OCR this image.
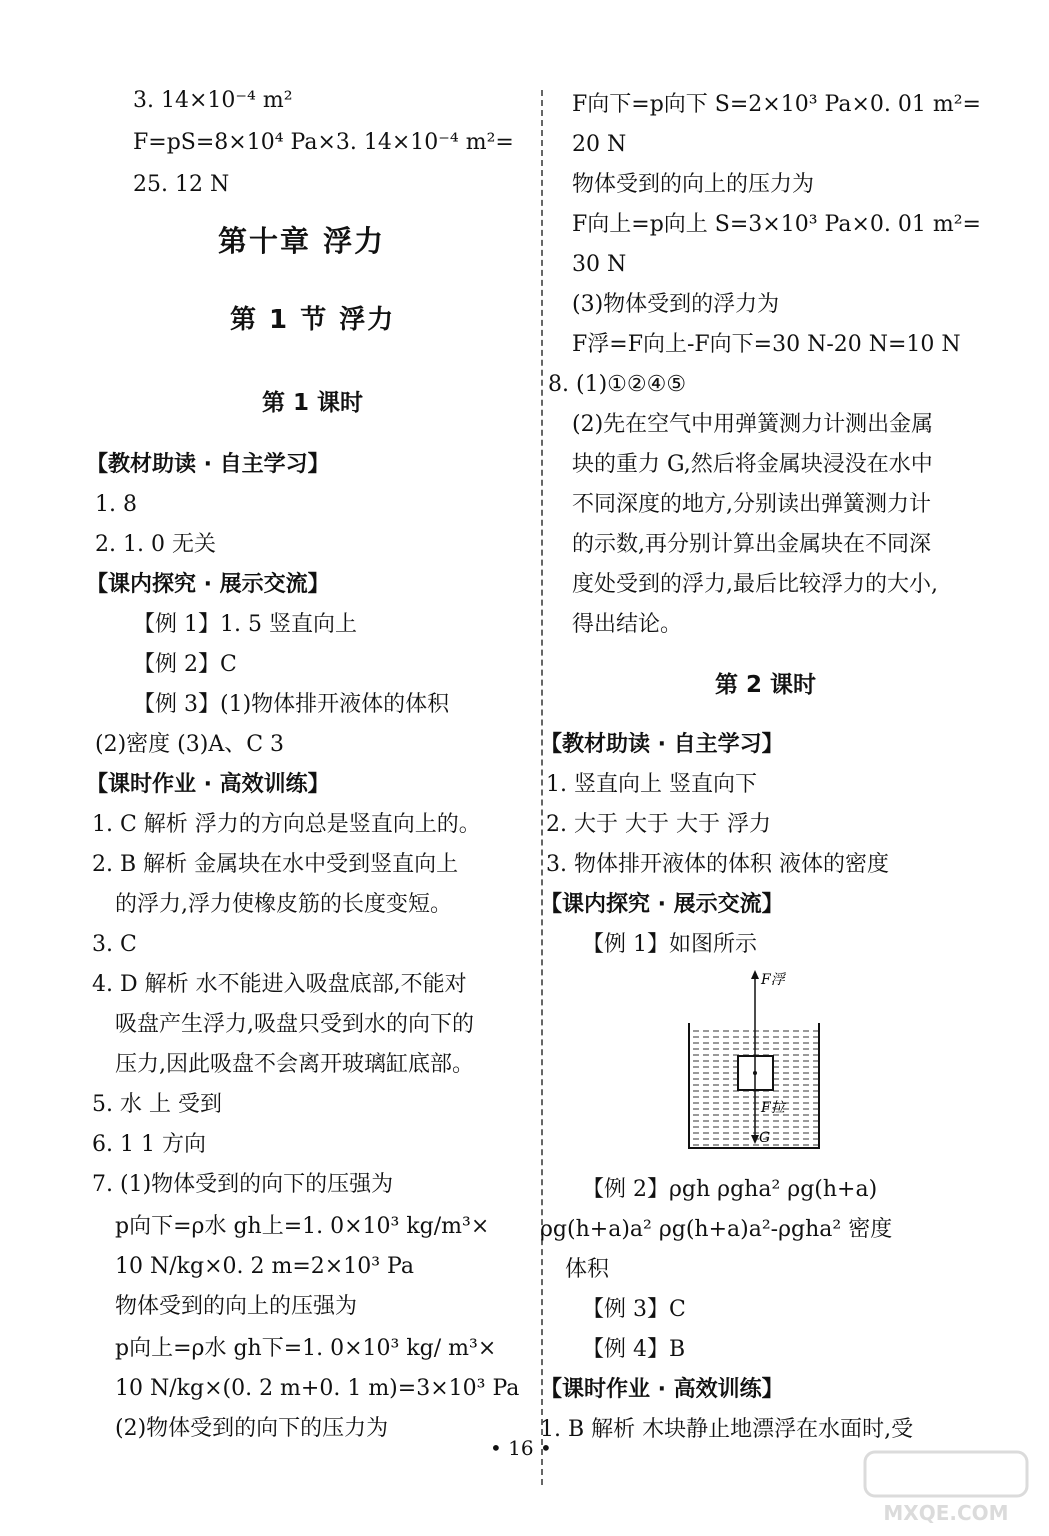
F浮
F拉
G
• 16 •
MXQE.COM
3. 14×10⁻⁴ m²
F=pS=8×10⁴ Pa×3. 14×10⁻⁴ m²=
25. 12 N
第十章 浮力
第 1 节 浮力
第 1 课时
【教材助读 · 自主学习】
1. 8
2. 1. 0 无关
【课内探究 · 展示交流】
【例 1】1. 5 竖直向上
【例 2】C
【例 3】(1)物体排开液体的体积
(2)密度 (3)A、C 3
【课时作业 · 高效训练】
1. C 解析 浮力的方向总是竖直向上的。
2. B 解析 金属块在水中受到竖直向上
的浮力,浮力使橡皮筋的长度变短。
3. C
4. D 解析 水不能进入吸盘底部,不能对
吸盘产生浮力,吸盘只受到水的向下的
压力,因此吸盘不会离开玻璃缸底部。
5. 水 上 受到
6. 1 1 方向
7. (1)物体受到的向下的压强为
p向下=ρ水 gh上=1. 0×10³ kg/m³×
10 N/kg×0. 2 m=2×10³ Pa
物体受到的向上的压强为
p向上=ρ水 gh下=1. 0×10³ kg/ m³×
10 N/kg×(0. 2 m+0. 1 m)=3×10³ Pa
(2)物体受到的向下的压力为
F向下=p向下 S=2×10³ Pa×0. 01 m²=
20 N
物体受到的向上的压力为
F向上=p向上 S=3×10³ Pa×0. 01 m²=
30 N
(3)物体受到的浮力为
F浮=F向上-F向下=30 N-20 N=10 N
8. (1)①②④⑤
(2)先在空气中用弹簧测力计测出金属
块的重力 G,然后将金属块浸没在水中
不同深度的地方,分别读出弹簧测力计
的示数,再分别计算出金属块在不同深
度处受到的浮力,最后比较浮力的大小,
得出结论。
第 2 课时
【教材助读 · 自主学习】
1. 竖直向上 竖直向下
2. 大于 大于 大于 浮力
3. 物体排开液体的体积 液体的密度
【课内探究 · 展示交流】
【例 1】如图所示
【例 2】ρgh ρgha² ρg(h+a)
ρg(h+a)a² ρg(h+a)a²-ρgha² 密度
体积
【例 3】C
【例 4】B
【课时作业 · 高效训练】
1. B 解析 木块静止地漂浮在水面时,受
